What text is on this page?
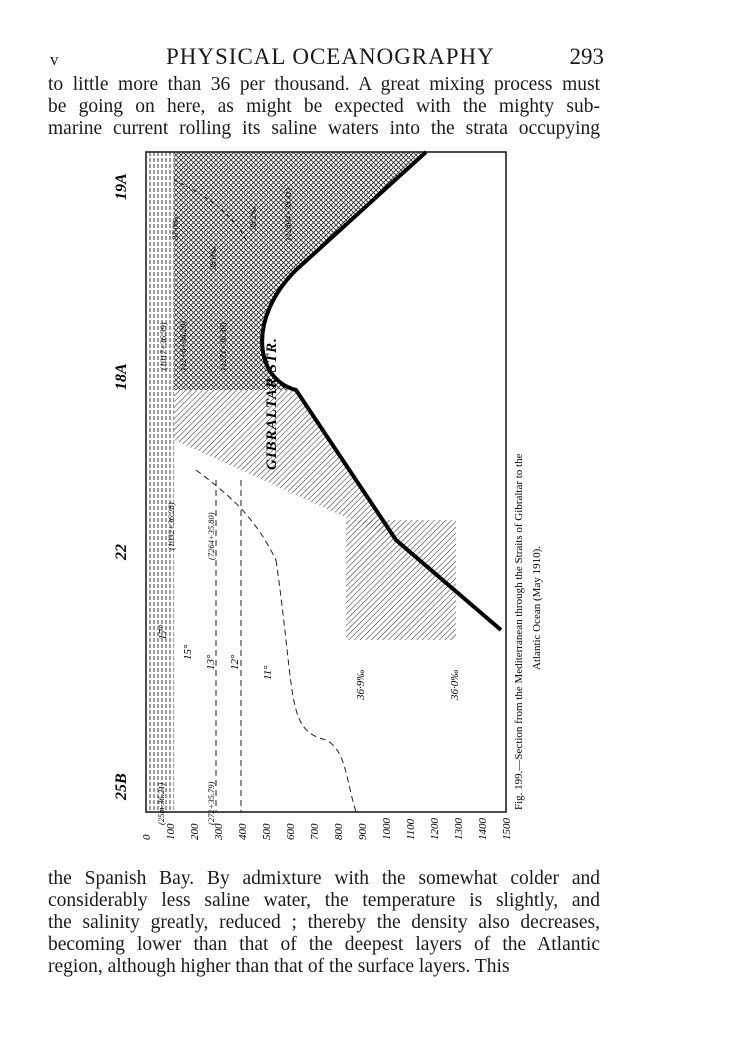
v	PHYSICAL OCEANOGRAPHY	293
to little more than 36 per thousand. A great mixing process must
be going on here, as might be expected with the mighty sub-
marine current rolling its saline waters into the strata occupying
25B
22
18A
19A
GIBRALTAR STR.
17°
15°
13° 12°
11°	36·9‰	36·0‰
(25m-36.21)	(272+35.79)
(7264+35.80)
(1032+36.28)
(1017+36.39) (12+6+36.29)	(1271+36.39)
(12804+38.41)
37·0‰
38·0‰
38·2‰
0 100 200 300 400 500 600 700 800 900 1000 1100 1200 1300 1400 1500
Fig. 199.—Section from the Mediterranean through the Straits of Gibraltar to the Atlantic Ocean (May 1910).
the Spanish Bay. By admixture with the somewhat colder and
considerably less saline water, the temperature is slightly, and
the salinity greatly, reduced ; thereby the density also decreases,
becoming lower than that of the deepest layers of the Atlantic
region, although higher than that of the surface layers. This
